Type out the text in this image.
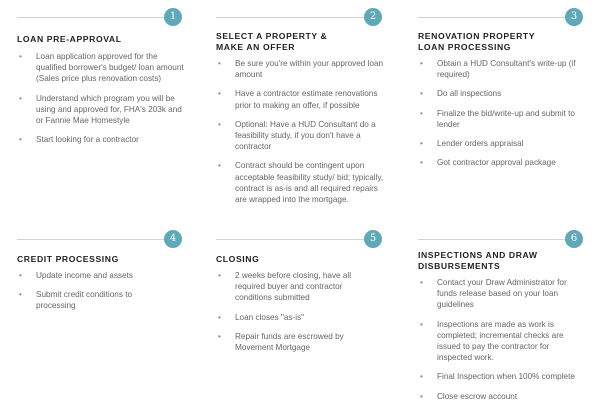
1
LOAN PRE-APPROVAL
• Loan application approved for the qualified borrower's budget/ loan amount (Sales price plus renovation costs)
• Understand which program you will be using and approved for, FHA's 203k and or Fannie Mae Homestyle
• Start looking for a contractor
2
SELECT A PROPERTY & MAKE AN OFFER
• Be sure you're within your approved loan amount
• Have a contractor estimate renovations prior to making an offer, if possible
• Optional: Have a HUD Consultant do a feasibility study, if you don't have a contractor
• Contract should be contingent upon acceptable feasibility study/ bid; typically, contract is as-is and all required repairs are wrapped into the mortgage.
3
RENOVATION PROPERTY LOAN PROCESSING
• Obtain a HUD Consultant's write-up (if required)
• Do all inspections
• Finalize the bid/write-up and submit to lender
• Lender orders appraisal
• Got contractor approval package
4
CREDIT PROCESSING
• Update income and assets
• Submit credit conditions to processing
5
CLOSING
• 2 weeks before closing, have all required buyer and contractor conditions submitted
• Loan closes "as-is"
• Repair funds are escrowed by Movement Mortgage
6
INSPECTIONS AND DRAW DISBURSEMENTS
• Contact your Draw Administrator for funds release based on your loan guidelines
• Inspections are made as work is completed; incremental checks are issued to pay the contractor for inspected work.
• Final Inspection when 100% complete
• Close escrow account
